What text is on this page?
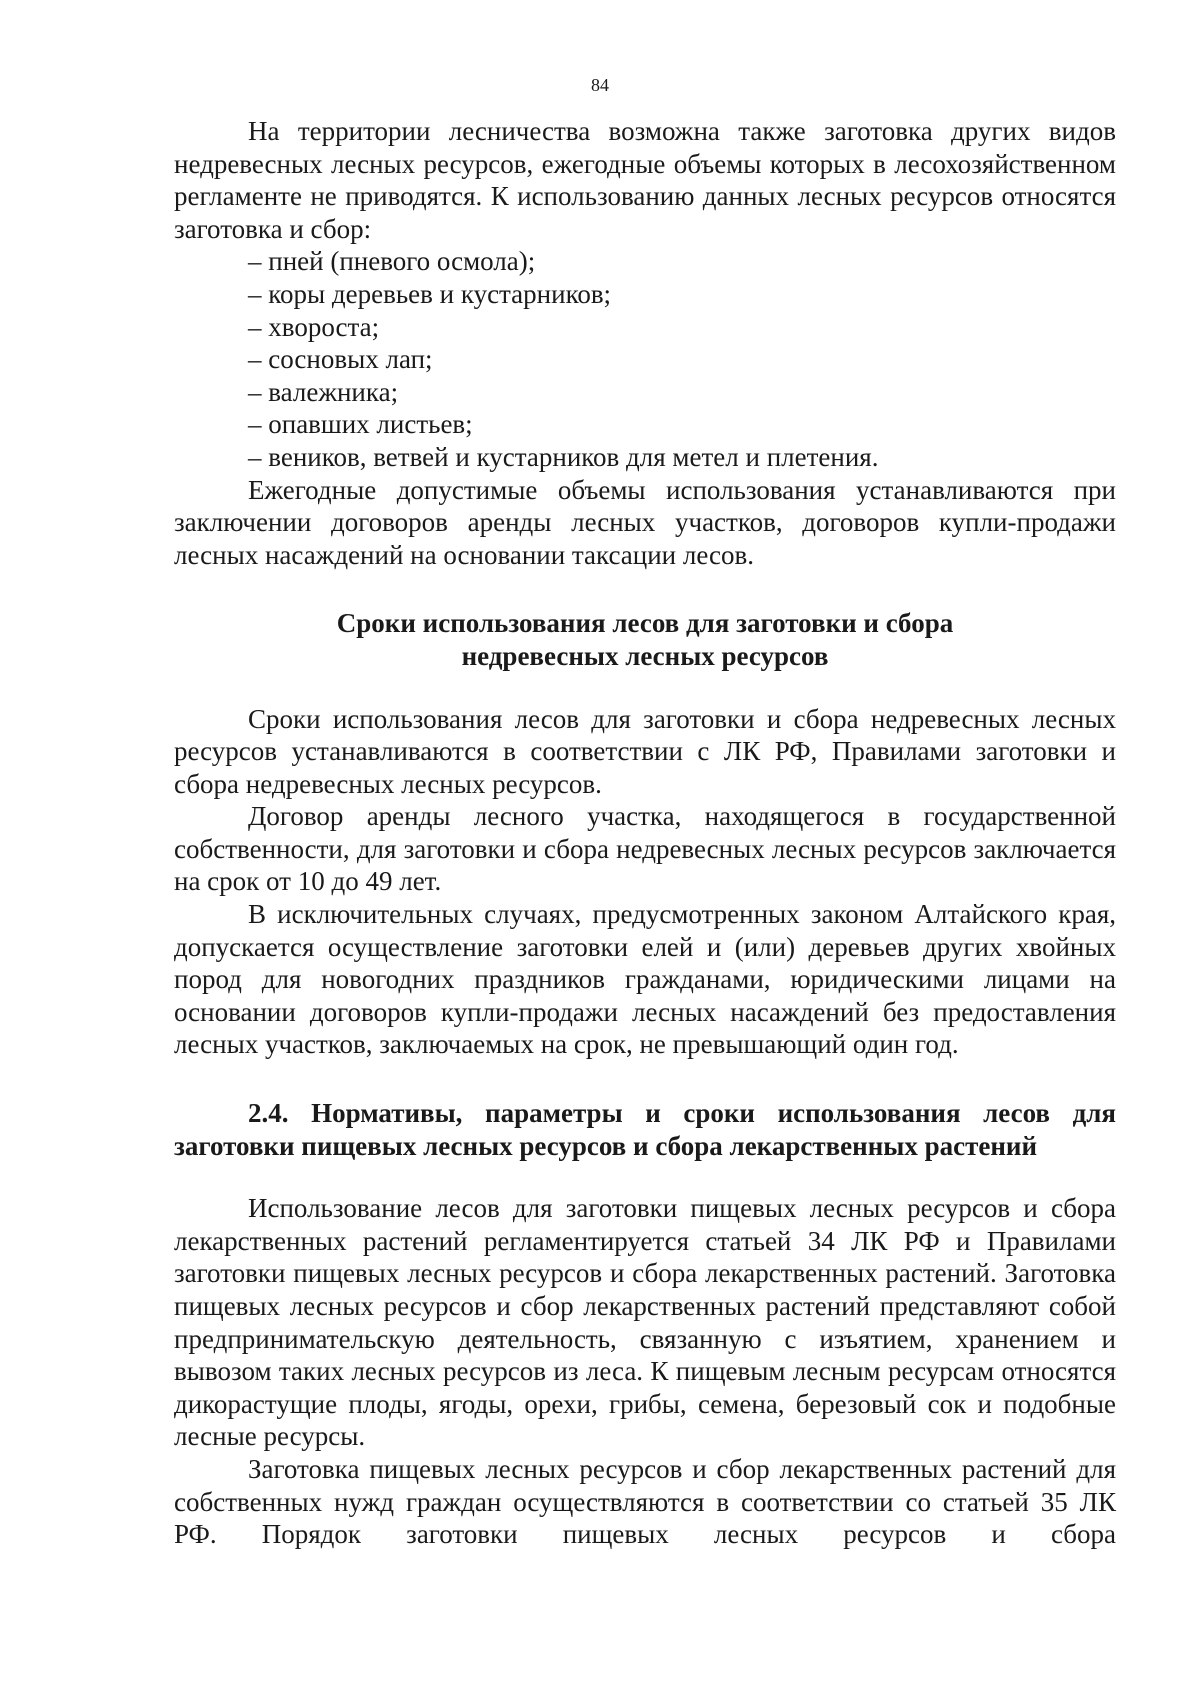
84

На территории лесничества возможна также заготовка других видов недревесных лесных ресурсов, ежегодные объемы которых в лесохозяйственном регламенте не приводятся. К использованию данных лесных ресурсов относятся заготовка и сбор:

– пней (пневого осмола);
– коры деревьев и кустарников;
– хвороста;
– сосновых лап;
– валежника;
– опавших листьев;
– веников, ветвей и кустарников для метел и плетения.

Ежегодные допустимые объемы использования устанавливаются при заключении договоров аренды лесных участков, договоров купли-продажи лесных насаждений на основании таксации лесов.

Сроки использования лесов для заготовки и сбора
недревесных лесных ресурсов

Сроки использования лесов для заготовки и сбора недревесных лесных ресурсов устанавливаются в соответствии с ЛК РФ, Правилами заготовки и сбора недревесных лесных ресурсов.

Договор аренды лесного участка, находящегося в государственной собственности, для заготовки и сбора недревесных лесных ресурсов заключается на срок от 10 до 49 лет.

В исключительных случаях, предусмотренных законом Алтайского края, допускается осуществление заготовки елей и (или) деревьев других хвойных пород для новогодних праздников гражданами, юридическими лицами на основании договоров купли-продажи лесных насаждений без предоставления лесных участков, заключаемых на срок, не превышающий один год.

2.4. Нормативы, параметры и сроки использования лесов для заготовки пищевых лесных ресурсов и сбора лекарственных растений

Использование лесов для заготовки пищевых лесных ресурсов и сбора лекарственных растений регламентируется статьей 34 ЛК РФ и Правилами заготовки пищевых лесных ресурсов и сбора лекарственных растений. Заготовка пищевых лесных ресурсов и сбор лекарственных растений представляют собой предпринимательскую деятельность, связанную с изъятием, хранением и вывозом таких лесных ресурсов из леса. К пищевым лесным ресурсам относятся дикорастущие плоды, ягоды, орехи, грибы, семена, березовый сок и подобные лесные ресурсы.

Заготовка пищевых лесных ресурсов и сбор лекарственных растений для собственных нужд граждан осуществляются в соответствии со статьей 35 ЛК РФ. Порядок заготовки пищевых лесных ресурсов и сбора
